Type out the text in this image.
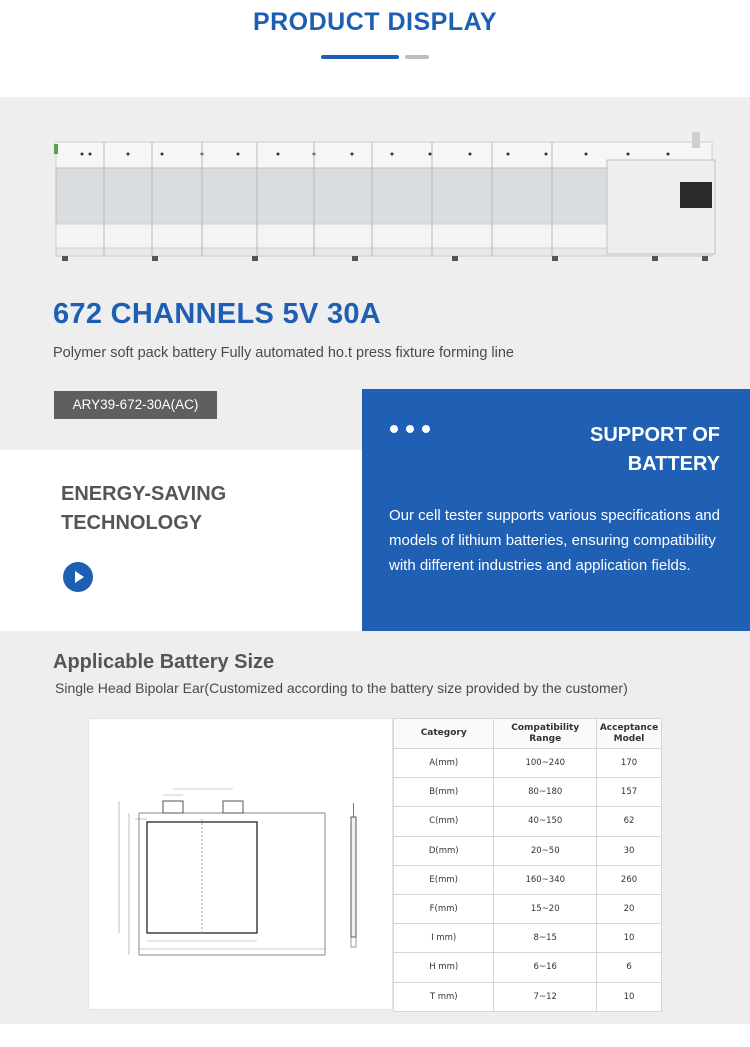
PRODUCT DISPLAY
672 CHANNELS 5V 30A
Polymer soft pack battery Fully automated ho.t press fixture forming line
ARY39-672-30A(AC)
ENERGY-SAVING
TECHNOLOGY
SUPPORT OF
BATTERY
Our cell tester supports various specifications and models of lithium batteries, ensuring compatibility with different industries and application fields.
Applicable Battery Size
Single Head Bipolar Ear(Customized according to the battery size provided by the customer)
Category	Compatibility Range	Acceptance Model
A(mm)	100~240	170
B(mm)	80~180	157
C(mm)	40~150	62
D(mm)	20~50	30
E(mm)	160~340	260
F(mm)	15~20	20
I mm)	8~15	10
H mm)	6~16	6
T mm)	7~12	10
